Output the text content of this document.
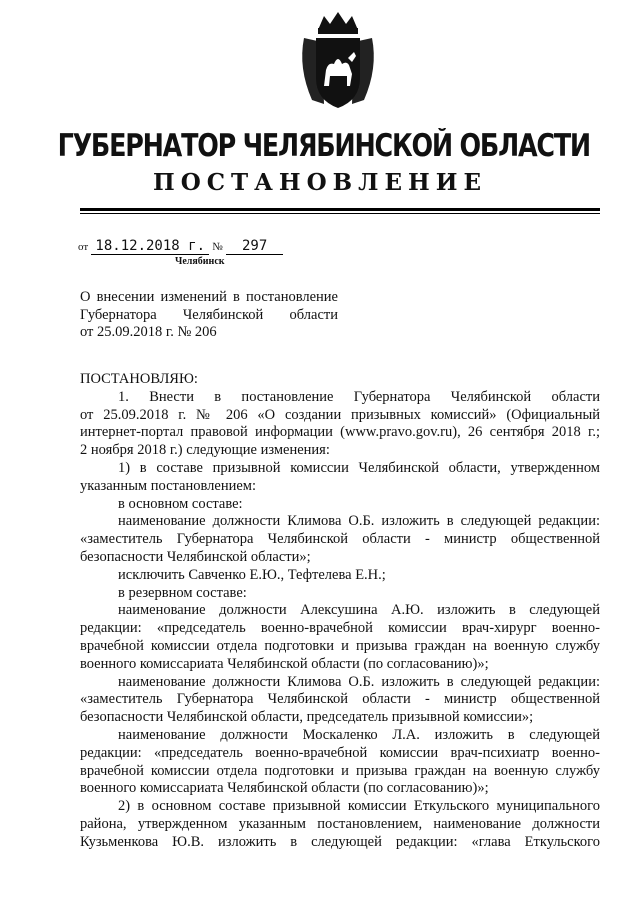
ГУБЕРНАТОР ЧЕЛЯБИНСКОЙ ОБЛАСТИ
ПОСТАНОВЛЕНИЕ
от 18.12.2018 г. № 297
Челябинск
О внесении изменений в постановление
Губернатора Челябинской области
от 25.09.2018 г. № 206
ПОСТАНОВЛЯЮ:
1. Внести в постановление Губернатора Челябинской области
от 25.09.2018 г. № 206 «О создании призывных комиссий» (Официальный
интернет-портал правовой информации (www.pravo.gov.ru), 26 сентября 2018 г.;
2 ноября 2018 г.) следующие изменения:
1) в составе призывной комиссии Челябинской области, утвержденном
указанным постановлением:
в основном составе:
наименование должности Климова О.Б. изложить в следующей редакции:
«заместитель Губернатора Челябинской области - министр общественной
безопасности Челябинской области»;
исключить Савченко Е.Ю., Тефтелева Е.Н.;
в резервном составе:
наименование должности Алексушина А.Ю. изложить в следующей
редакции: «председатель военно-врачебной комиссии врач-хирург военно-
врачебной комиссии отдела подготовки и призыва граждан на военную службу
военного комиссариата Челябинской области (по согласованию)»;
наименование должности Климова О.Б. изложить в следующей редакции:
«заместитель Губернатора Челябинской области - министр общественной
безопасности Челябинской области, председатель призывной комиссии»;
наименование должности Москаленко Л.А. изложить в следующей
редакции: «председатель военно-врачебной комиссии врач-психиатр военно-
врачебной комиссии отдела подготовки и призыва граждан на военную службу
военного комиссариата Челябинской области (по согласованию)»;
2) в основном составе призывной комиссии Еткульского муниципального
района, утвержденном указанным постановлением, наименование должности
Кузьменкова Ю.В. изложить в следующей редакции: «глава Еткульского
